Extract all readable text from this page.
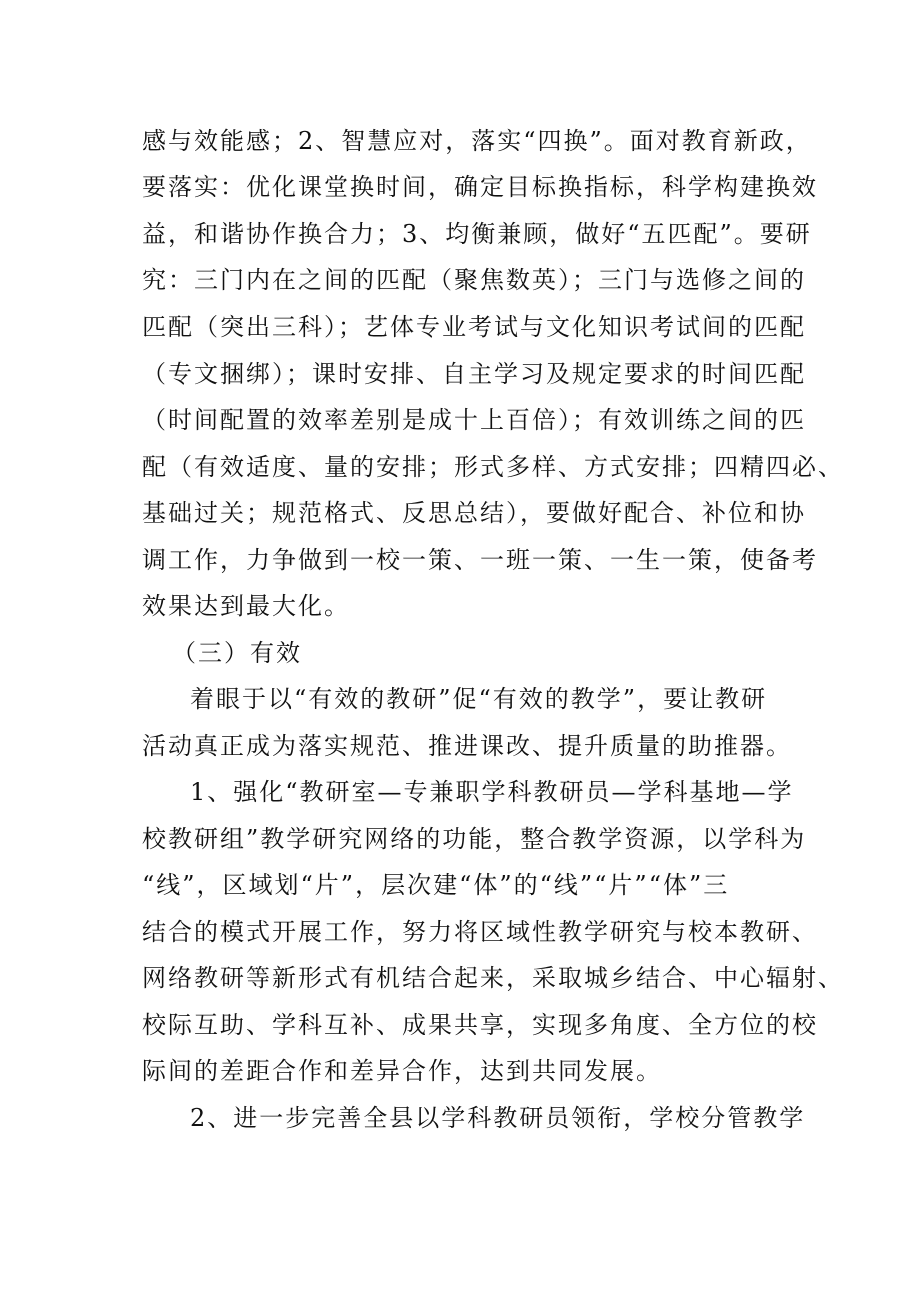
感与效能感；2、智慧应对，落实“四换”。面对教育新政，
要落实：优化课堂换时间，确定目标换指标，科学构建换效
益，和谐协作换合力；3、均衡兼顾，做好“五匹配”。要研
究：三门内在之间的匹配（聚焦数英）；三门与选修之间的
匹配（突出三科）；艺体专业考试与文化知识考试间的匹配
（专文捆绑）；课时安排、自主学习及规定要求的时间匹配
（时间配置的效率差别是成十上百倍）；有效训练之间的匹
配（有效适度、量的安排；形式多样、方式安排；四精四必、
基础过关；规范格式、反思总结），要做好配合、补位和协
调工作，力争做到一校一策、一班一策、一生一策，使备考
效果达到最大化。
（三）有效
着眼于以“有效的教研”促“有效的教学”，要让教研
活动真正成为落实规范、推进课改、提升质量的助推器。
1、强化“教研室—专兼职学科教研员—学科基地—学
校教研组”教学研究网络的功能，整合教学资源，以学科为
“线”，区域划“片”，层次建“体”的“线”“片”“体”三
结合的模式开展工作，努力将区域性教学研究与校本教研、
网络教研等新形式有机结合起来，采取城乡结合、中心辐射、
校际互助、学科互补、成果共享，实现多角度、全方位的校
际间的差距合作和差异合作，达到共同发展。
2、进一步完善全县以学科教研员领衔，学校分管教学
